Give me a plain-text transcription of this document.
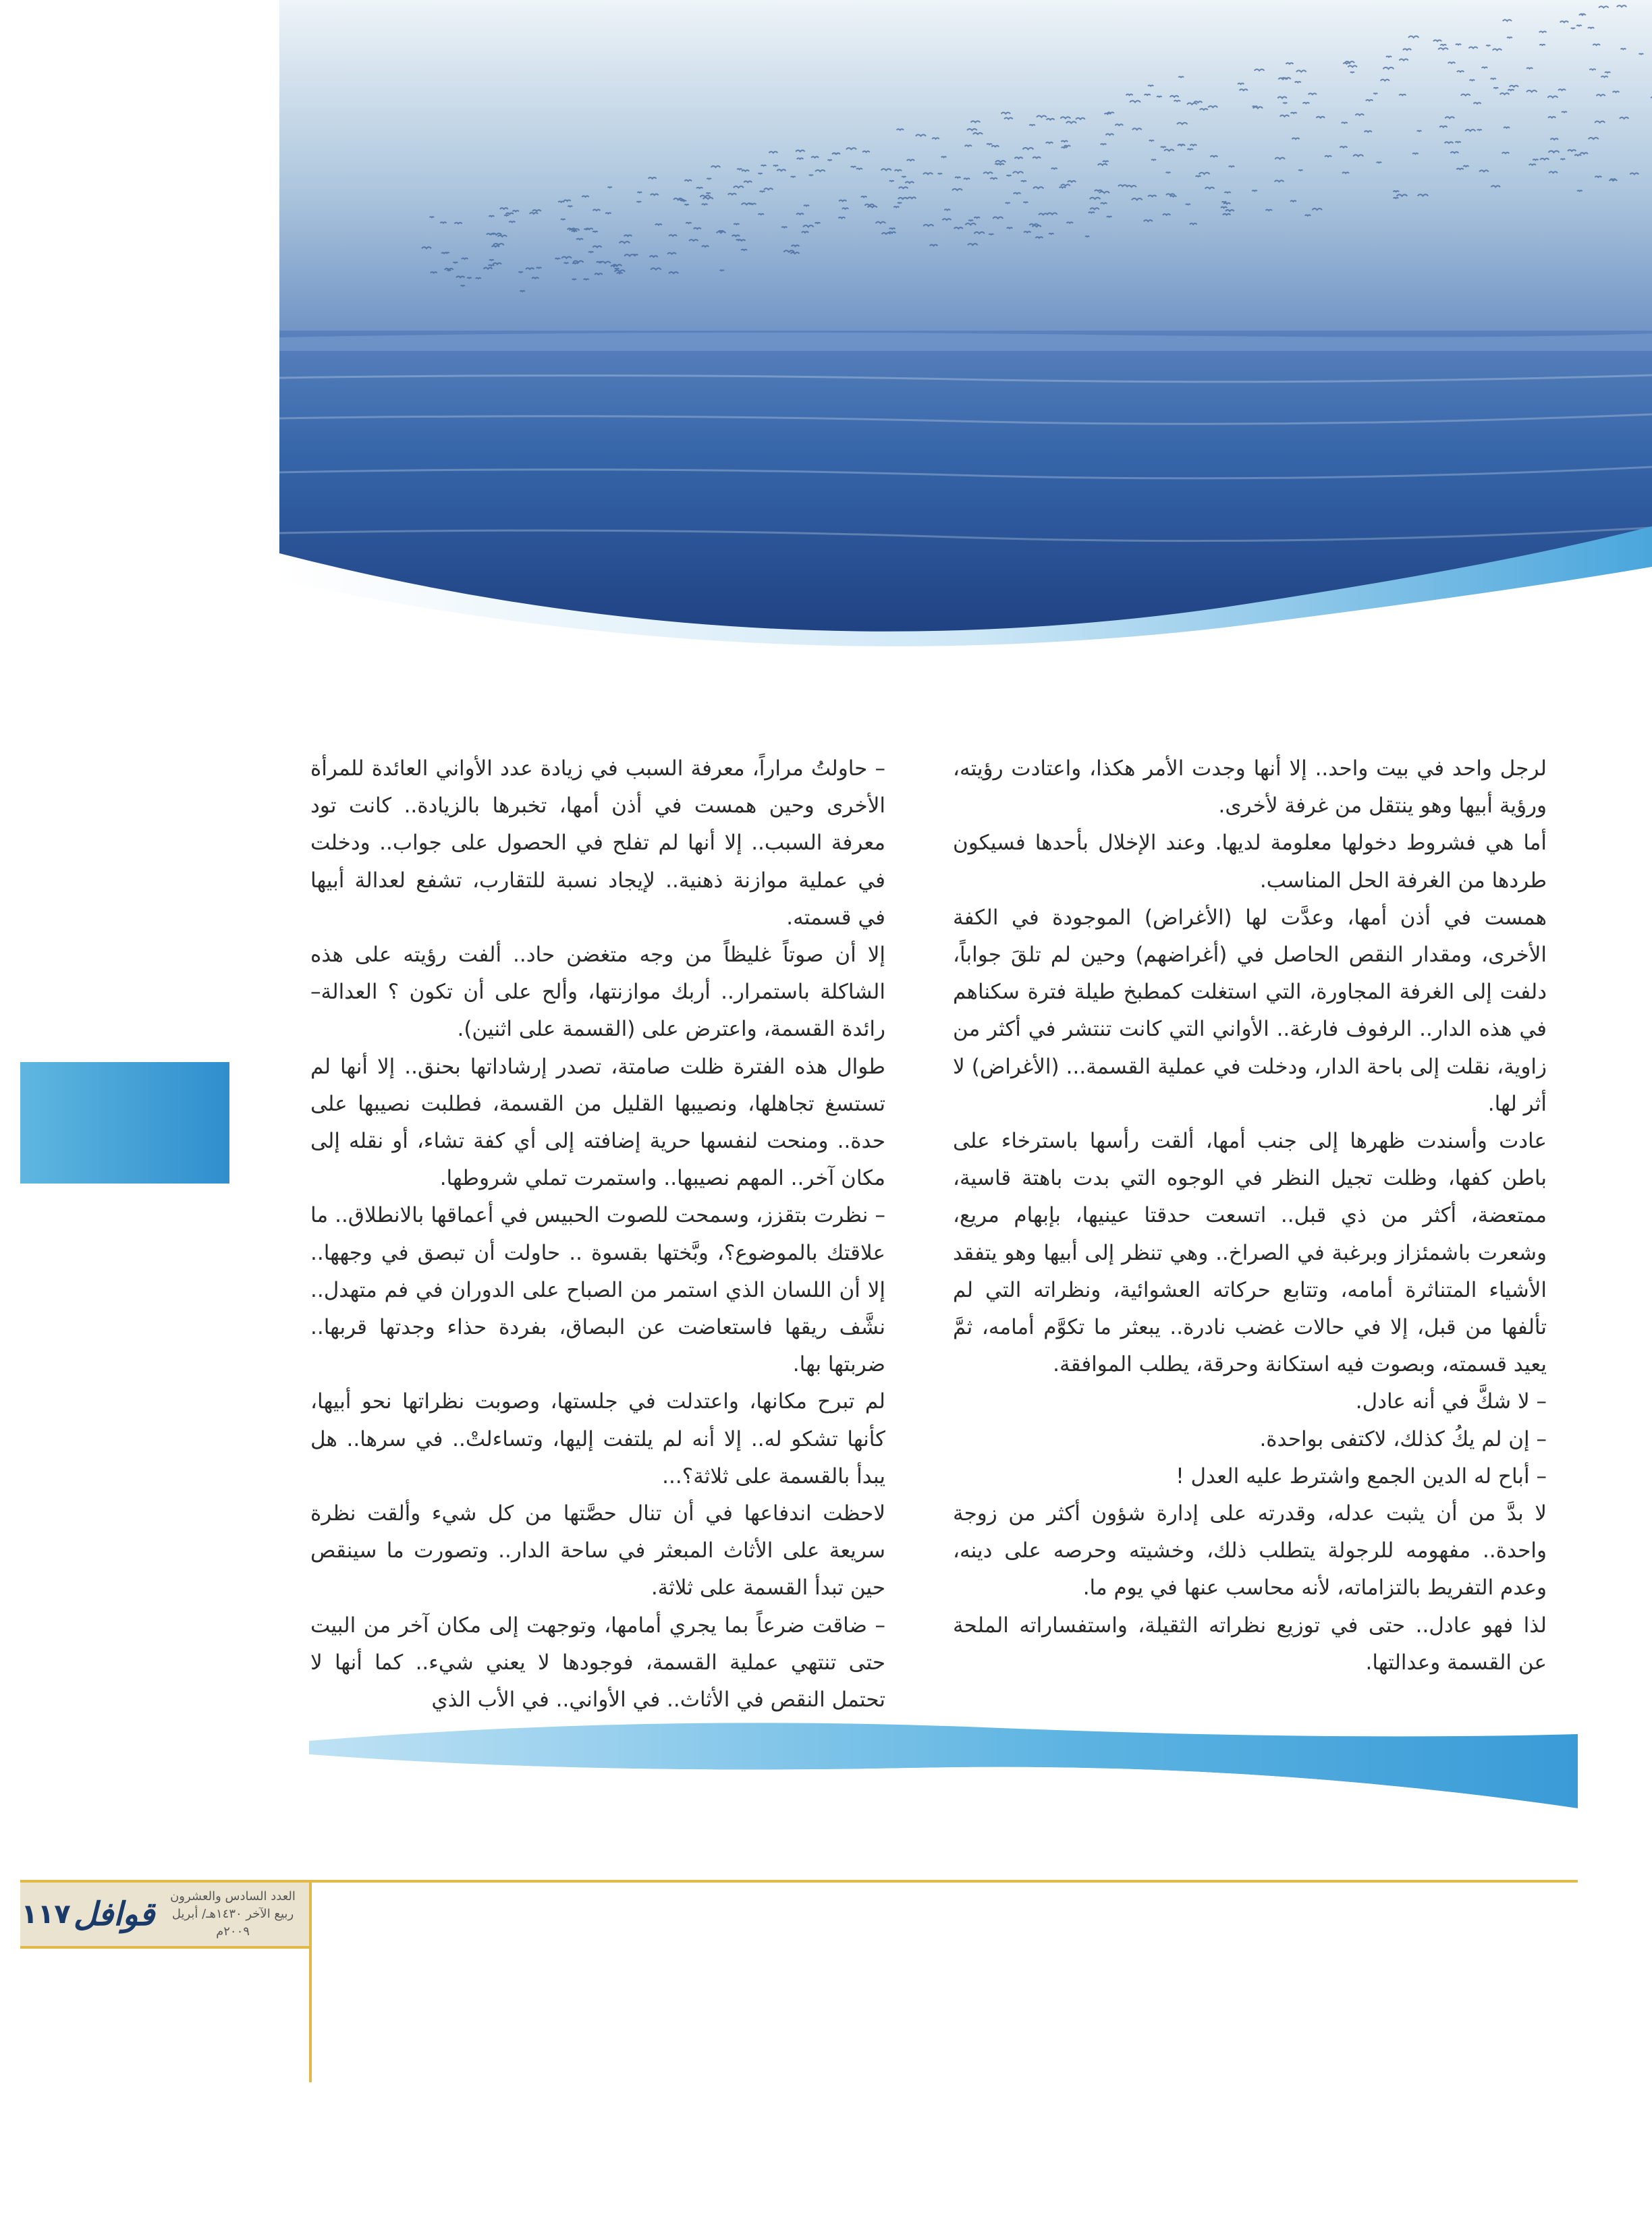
لرجل واحد في بيت واحد.. إلا أنها وجدت الأمر هكذا، واعتادت رؤيته، ورؤية أبيها وهو ينتقل من غرفة لأخرى.

أما هي فشروط دخولها معلومة لديها. وعند الإخلال بأحدها فسيكون طردها من الغرفة الحل المناسب.

همست في أذن أمها، وعدَّت لها (الأغراض) الموجودة في الكفة الأخرى، ومقدار النقص الحاصل في (أغراضهم) وحين لم تلقَ جواباً، دلفت إلى الغرفة المجاورة، التي استغلت كمطبخ طيلة فترة سكناهم في هذه الدار.. الرفوف فارغة.. الأواني التي كانت تنتشر في أكثر من زاوية، نقلت إلى باحة الدار، ودخلت في عملية القسمة... (الأغراض) لا أثر لها.

عادت وأسندت ظهرها إلى جنب أمها، ألقت رأسها باسترخاء على باطن كفها، وظلت تجيل النظر في الوجوه التي بدت باهتة قاسية، ممتعضة، أكثر من ذي قبل.. اتسعت حدقتا عينيها، بإبهام مريع، وشعرت باشمئزاز وبرغبة في الصراخ.. وهي تنظر إلى أبيها وهو يتفقد الأشياء المتناثرة أمامه، وتتابع حركاته العشوائية، ونظراته التي لم تألفها من قبل، إلا في حالات غضب نادرة.. يبعثر ما تكوَّم أمامه، ثمَّ يعيد قسمته، وبصوت فيه استكانة وحرقة، يطلب الموافقة.

– لا شكَّ في أنه عادل.

– إن لم يكُ كذلك، لاكتفى بواحدة.

– أباح له الدين الجمع واشترط عليه العدل !

لا بدَّ من أن يثبت عدله، وقدرته على إدارة شؤون أكثر من زوجة واحدة.. مفهومه للرجولة يتطلب ذلك، وخشيته وحرصه على دينه، وعدم التفريط بالتزاماته، لأنه محاسب عنها في يوم ما.

لذا فهو عادل.. حتى في توزيع نظراته الثقيلة، واستفساراته الملحة عن القسمة وعدالتها.

– حاولتُ مراراً، معرفة السبب في زيادة عدد الأواني العائدة للمرأة الأخرى وحين همست في أذن أمها، تخبرها بالزيادة.. كانت تود معرفة السبب.. إلا أنها لم تفلح في الحصول على جواب.. ودخلت في عملية موازنة ذهنية.. لإيجاد نسبة للتقارب، تشفع لعدالة أبيها في قسمته.

إلا أن صوتاً غليظاً من وجه متغضن حاد.. ألفت رؤيته على هذه الشاكلة باستمرار.. أربك موازنتها، وألح على أن تكون ؟ العدالة– رائدة القسمة، واعترض على (القسمة على اثنين).

طوال هذه الفترة ظلت صامتة، تصدر إرشاداتها بحنق.. إلا أنها لم تستسغ تجاهلها، ونصيبها القليل من القسمة، فطلبت نصيبها على حدة.. ومنحت لنفسها حرية إضافته إلى أي كفة تشاء، أو نقله إلى مكان آخر.. المهم نصيبها.. واستمرت تملي شروطها.

– نظرت بتقزز، وسمحت للصوت الحبيس في أعماقها بالانطلاق.. ما علاقتك بالموضوع؟، وبَّختها بقسوة .. حاولت أن تبصق في وجهها.. إلا أن اللسان الذي استمر من الصباح على الدوران في فم متهدل.. نشَّف ريقها فاستعاضت عن البصاق، بفردة حذاء وجدتها قربها.. ضربتها بها.

لم تبرح مكانها، واعتدلت في جلستها، وصوبت نظراتها نحو أبيها، كأنها تشكو له.. إلا أنه لم يلتفت إليها، وتساءلتْ.. في سرها.. هل يبدأ بالقسمة على ثلاثة؟...

لاحظت اندفاعها في أن تنال حصَّتها من كل شيء وألقت نظرة سريعة على الأثاث المبعثر في ساحة الدار.. وتصورت ما سينقص حين تبدأ القسمة على ثلاثة.

– ضاقت ضرعاً بما يجري أمامها، وتوجهت إلى مكان آخر من البيت حتى تنتهي عملية القسمة، فوجودها لا يعني شيء.. كما أنها لا تحتمل النقص في الأثاث.. في الأواني.. في الأب الذي

١١٧ قوافل	العدد السادس والعشرون
ربيع الآخر ١٤٣٠هـ/ أبريل ٢٠٠٩م
